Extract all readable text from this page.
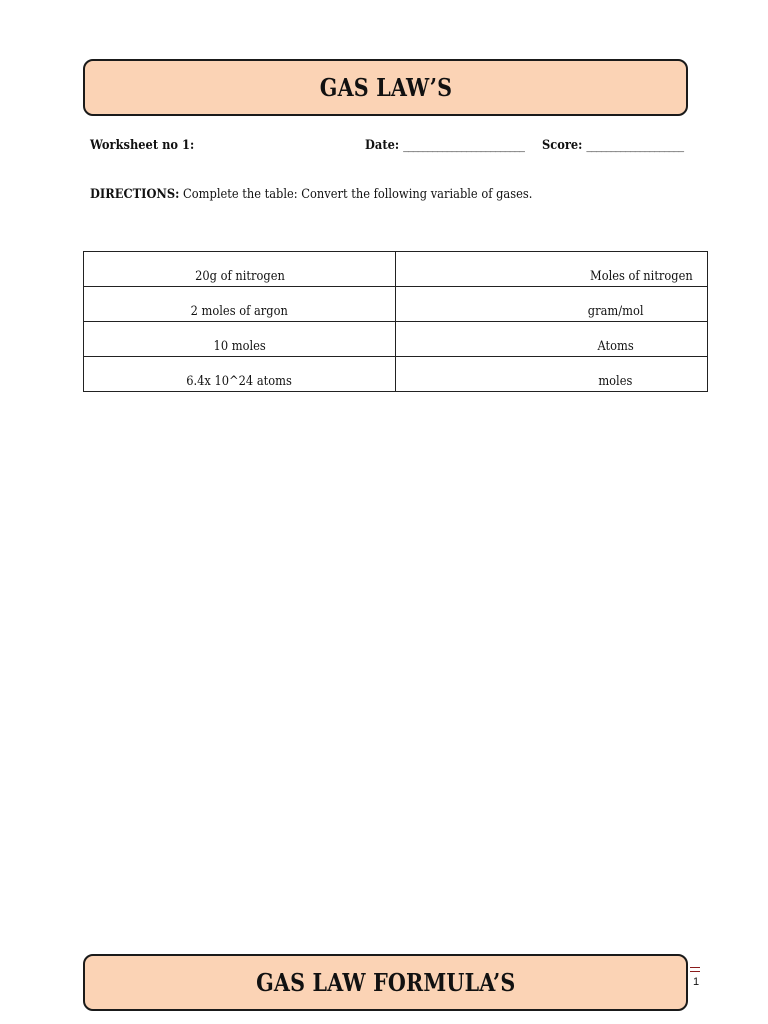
GAS LAW’S
Worksheet no 1:	Date: _________________________ Score: ____________________
DIRECTIONS: Complete the table: Convert the following variable of gases.
20g of nitrogen	Moles of nitrogen
2 moles of argon	gram/mol
10 moles	Atoms
6.4x 10^24 atoms	moles
GAS LAW FORMULA’S	1
